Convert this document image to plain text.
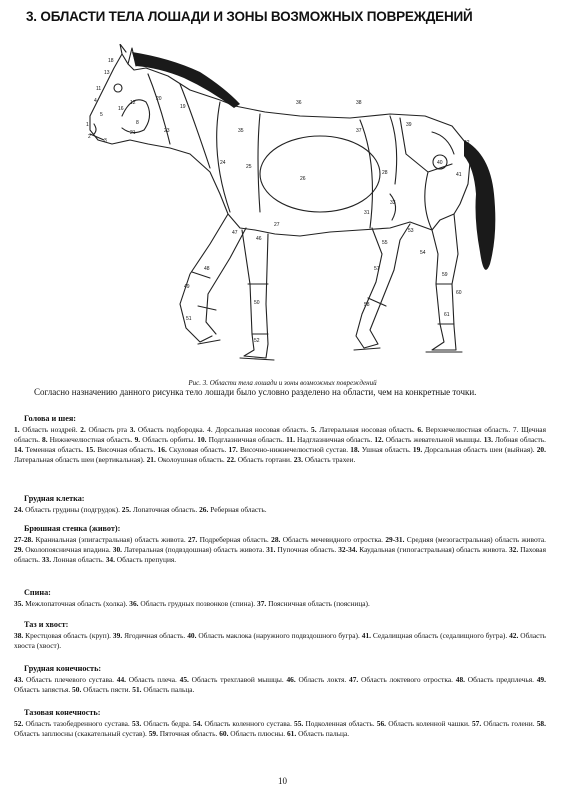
3. ОБЛАСТИ ТЕЛА ЛОШАДИ И ЗОНЫ ВОЗМОЖНЫХ ПОВРЕЖДЕНИЙ
18
13
11
16
12
4
5
1
2
3
8
21
20
23
19
35
36
37
38
39
40
41
42
24
25
26
28
31
33
27
47
46
48
49
51
50
52
53
54
55
57
58
59
60
61
Рис. 3. Области тела лошади и зоны возможных повреждений
Согласно назначению данного рисунка тело лошади было условно разделено на области, чем на конкретные точки.
Голова и шея:

1. Область ноздрей. 2. Область рта 3. Область подбородка. 4. Дорсальная носовая область. 5. Латеральная носовая область. 6. Верхнечелюстная область. 7. Щечная область. 8. Нижнечелюстная область. 9. Область орбиты. 10. Подглазничная область. 11. Надглазничная область. 12. Область жевательной мышцы. 13. Лобная область. 14. Теменная область. 15. Височная область. 16. Скуловая область. 17. Височно-нижнечелюстной сустав. 18. Ушная область. 19. Дорсальная область шеи (выйная). 20. Латеральная область шеи (вертикальная). 21. Околоушная область. 22. Область гортани. 23. Область трахеи.

Грудная клетка:

24. Область грудины (подгрудок). 25. Лопаточная область. 26. Реберная область.

Брюшная стенка (живот):

27-28. Краниальная (эпигастральная) область живота. 27. Подреберная область. 28. Область мечевидного отростка. 29-31. Средняя (мезогастральная) область живота. 29. Околопоясничная впадина. 30. Латеральная (подвздошная) область живота. 31. Пупочная область. 32-34. Каудальная (гипогастральная) область живота. 32. Паховая область. 33. Лонная область. 34. Область препуция.

Спина:

35. Межлопаточная область (холка). 36. Область грудных позвонков (спина). 37. Поясничная область (поясница).

Таз и хвост:

38. Крестцовая область (круп). 39. Ягодичная область. 40. Область маклока (наружного подвздошного бугра). 41. Седалищная область (седалищного бугра). 42. Область хвоста (хвост).

Грудная конечность:

43. Область плечевого сустава. 44. Область плеча. 45. Область трехглавой мышцы. 46. Область локтя. 47. Область локтевого отростка. 48. Область предплечья. 49. Область запястья. 50. Область пясти. 51. Область пальца.

Тазовая конечность:

52. Область тазобедренного сустава. 53. Область бедра. 54. Область коленного сустава. 55. Подколенная область. 56. Область коленной чашки. 57. Область голени. 58. Область заплюсны (скакательный сустав). 59. Пяточная область. 60. Область плюсны. 61. Область пальца.

10
